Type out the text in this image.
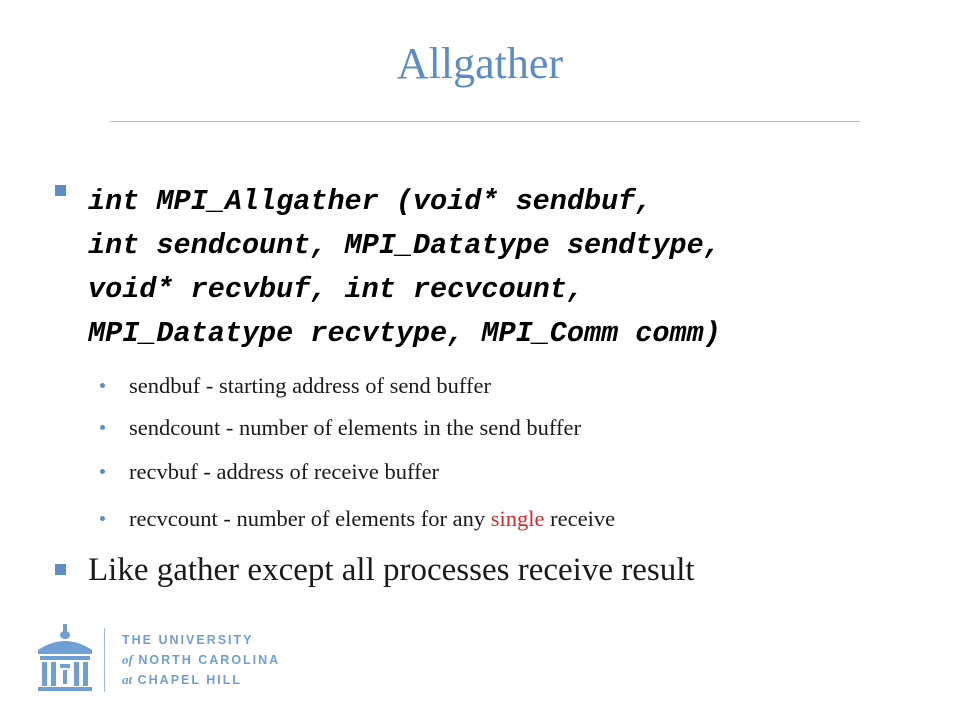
Allgather
int MPI_Allgather (void* sendbuf,
int sendcount, MPI_Datatype sendtype,
void* recvbuf, int recvcount,
MPI_Datatype recvtype, MPI_Comm comm)
sendbuf - starting address of send buffer
sendcount - number of elements in the send buffer
recvbuf - address of receive buffer
recvcount - number of elements for any single receive
Like gather except all processes receive result
THE UNIVERSITY
of NORTH CAROLINA
at CHAPEL HILL
